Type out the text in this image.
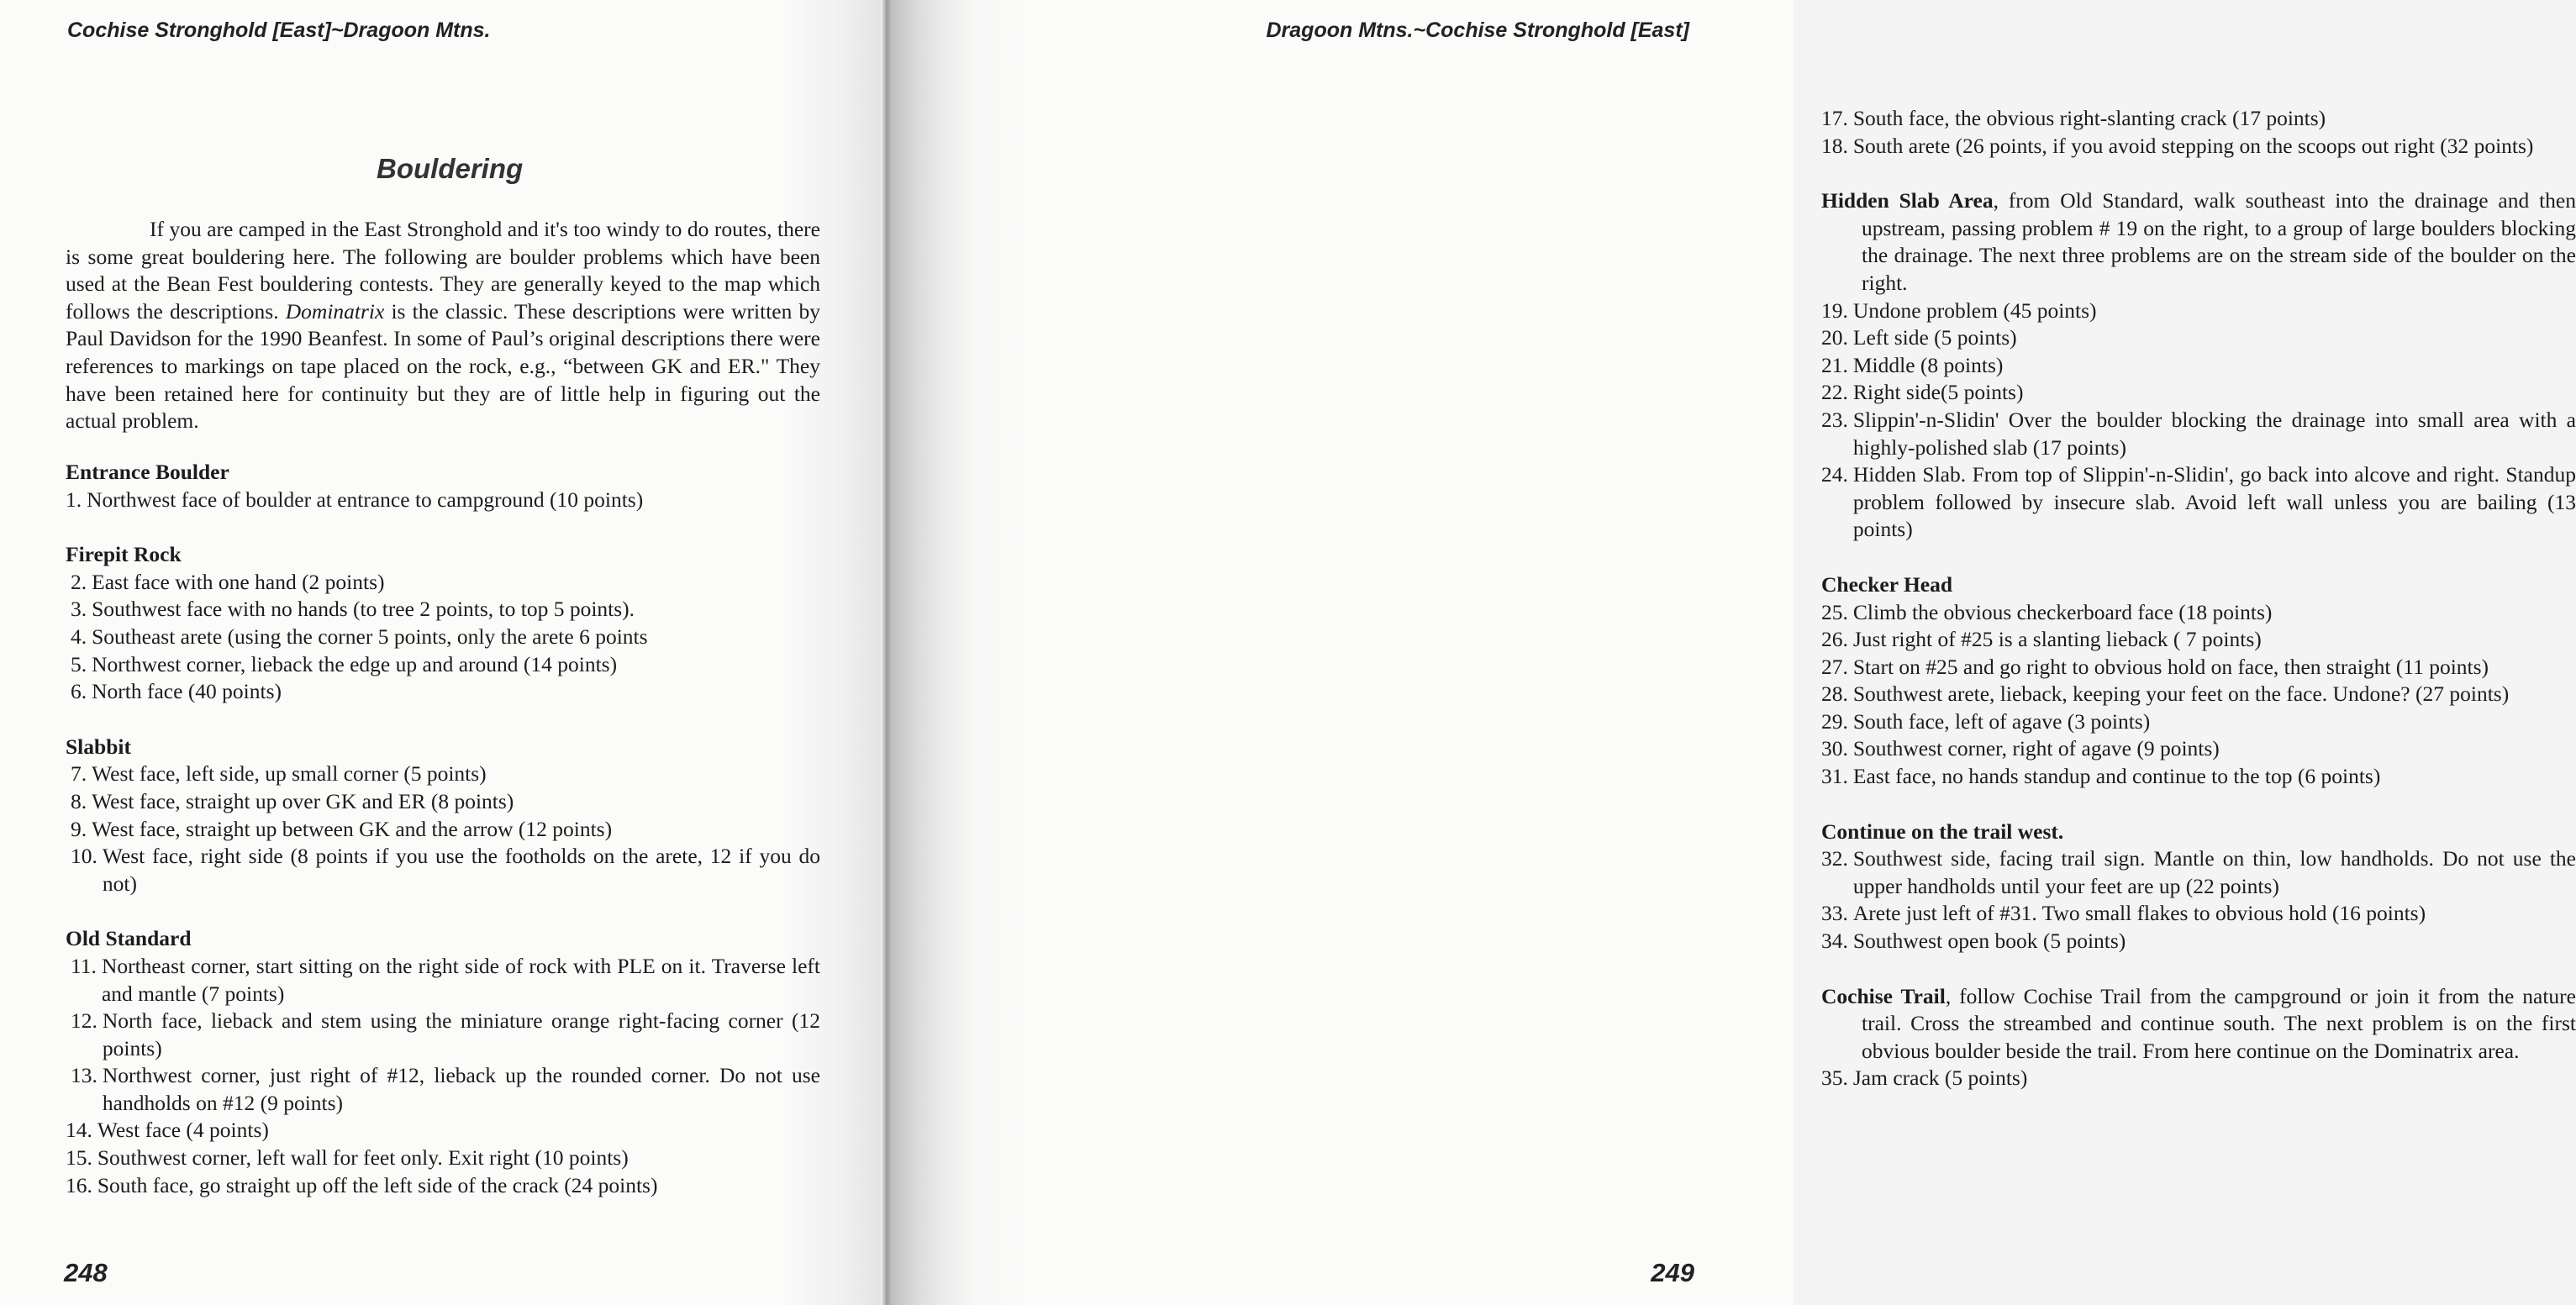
Cochise Stronghold [East]~Dragoon Mtns.
Bouldering

If you are camped in the East Stronghold and it's too windy to do routes, there is some great bouldering here. The following are boulder problems which have been used at the Bean Fest bouldering contests. They are generally keyed to the map which follows the descriptions. Dominatrix is the classic. These descriptions were written by Paul Davidson for the 1990 Beanfest. In some of Paul’s original descriptions there were references to markings on tape placed on the rock, e.g., “between GK and ER." They have been retained here for continuity but they are of little help in figuring out the actual problem.

Entrance Boulder
1. Northwest face of boulder at entrance to campground (10 points)
Firepit Rock
2. East face with one hand (2 points)
3. Southwest face with no hands (to tree 2 points, to top 5 points).
4. Southeast arete (using the corner 5 points, only the arete 6 points
5. Northwest corner, lieback the edge up and around (14 points)
6. North face (40 points)
Slabbit
7. West face, left side, up small corner (5 points)
8. West face, straight up over GK and ER (8 points)
9. West face, straight up between GK and the arrow (12 points)
10. West face, right side (8 points if you use the footholds on the arete, 12 if you do not)
Old Standard
11. Northeast corner, start sitting on the right side of rock with PLE on it. Traverse left and mantle (7 points)
12. North face, lieback and stem using the miniature orange right-facing corner (12 points)
13. Northwest corner, just right of #12, lieback up the rounded corner. Do not use handholds on #12 (9 points)
14. West face (4 points)
15. Southwest corner, left wall for feet only. Exit right (10 points)
16. South face, go straight up off the left side of the crack (24 points)
248
Dragoon Mtns.~Cochise Stronghold [East]
17. South face, the obvious right-slanting crack (17 points)
18. South arete (26 points, if you avoid stepping on the scoops out right (32 points)
Hidden Slab Area, from Old Standard, walk southeast into the drainage and then upstream, passing problem # 19 on the right, to a group of large boulders blocking the drainage. The next three problems are on the stream side of the boulder on the right.
19. Undone problem (45 points)
20. Left side (5 points)
21. Middle (8 points)
22. Right side(5 points)
23. Slippin'-n-Slidin' Over the boulder blocking the drainage into small area with a highly-polished slab (17 points)
24. Hidden Slab. From top of Slippin'-n-Slidin', go back into alcove and right. Standup problem followed by insecure slab. Avoid left wall unless you are bailing (13 points)
Checker Head
25. Climb the obvious checkerboard face (18 points)
26. Just right of #25 is a slanting lieback ( 7 points)
27. Start on #25 and go right to obvious hold on face, then straight (11 points)
28. Southwest arete, lieback, keeping your feet on the face. Undone? (27 points)
29. South face, left of agave (3 points)
30. Southwest corner, right of agave (9 points)
31. East face, no hands standup and continue to the top (6 points)
Continue on the trail west.
32. Southwest side, facing trail sign. Mantle on thin, low handholds. Do not use the upper handholds until your feet are up (22 points)
33. Arete just left of #31. Two small flakes to obvious hold (16 points)
34. Southwest open book (5 points)
Cochise Trail, follow Cochise Trail from the campground or join it from the nature trail. Cross the streambed and continue south. The next problem is on the first obvious boulder beside the trail. From here continue on the Dominatrix area.
35. Jam crack (5 points)
249
